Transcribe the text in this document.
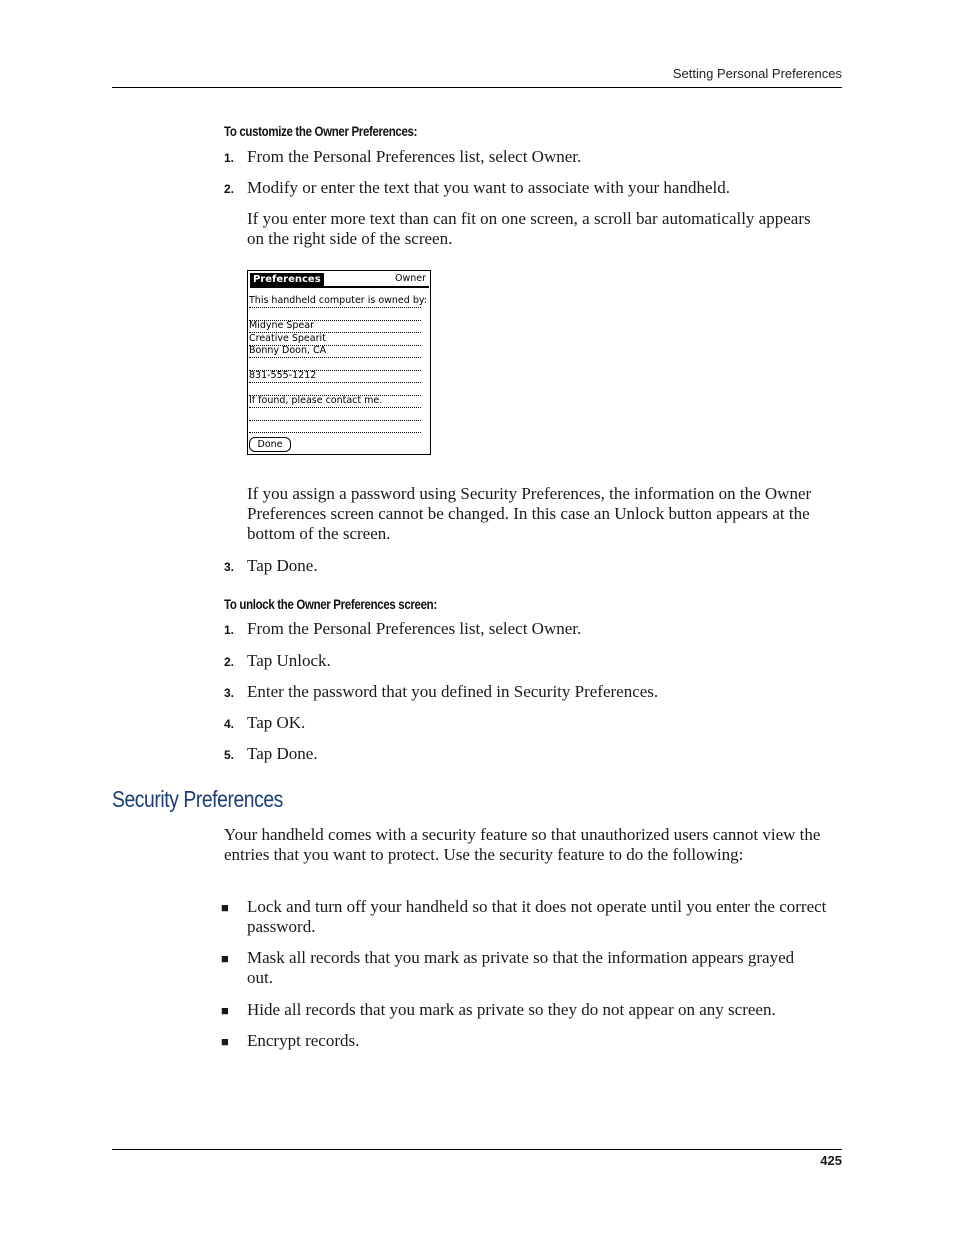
Setting Personal Preferences
To customize the Owner Preferences:
1. From the Personal Preferences list, select Owner.
2. Modify or enter the text that you want to associate with your handheld.
If you enter more text than can fit on one screen, a scroll bar automatically appears on the right side of the screen.
Preferences	Owner
This handheld computer is owned by:
Midyne Spear
Creative Spearit
Bonny Doon, CA
831-555-1212
If found, please contact me.
Done
If you assign a password using Security Preferences, the information on the Owner Preferences screen cannot be changed. In this case an Unlock button appears at the bottom of the screen.
3. Tap Done.
To unlock the Owner Preferences screen:
1. From the Personal Preferences list, select Owner.
2. Tap Unlock.
3. Enter the password that you defined in Security Preferences.
4. Tap OK.
5. Tap Done.
Security Preferences
Your handheld comes with a security feature so that unauthorized users cannot view the entries that you want to protect. Use the security feature to do the following:
■ Lock and turn off your handheld so that it does not operate until you enter the correct password.
■ Mask all records that you mark as private so that the information appears grayed out.
■ Hide all records that you mark as private so they do not appear on any screen.
■ Encrypt records.
425
